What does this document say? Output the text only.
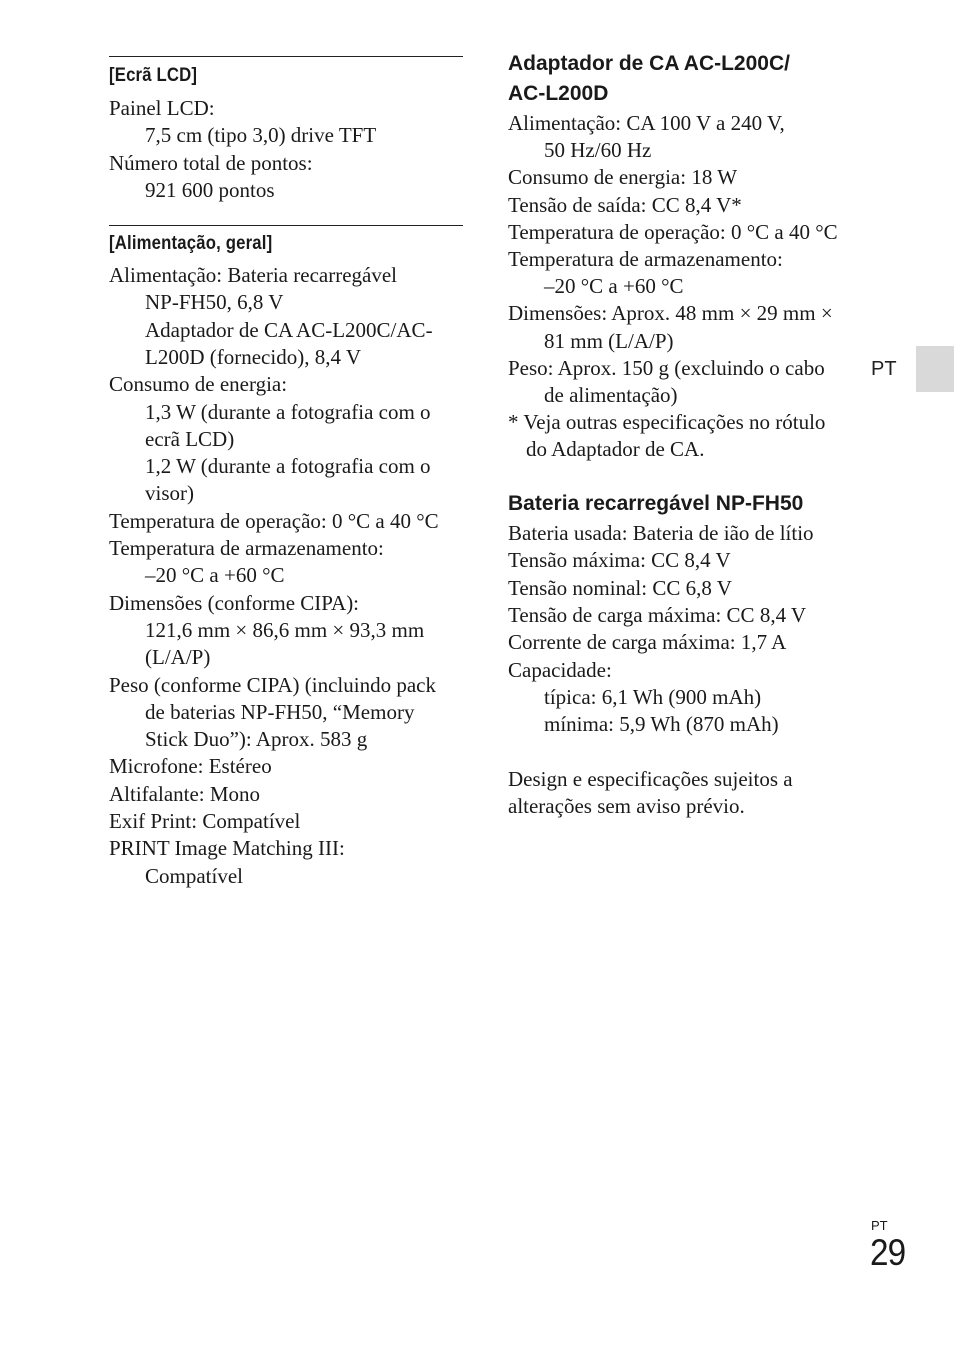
[Ecrã LCD]
Painel LCD:
7,5 cm (tipo 3,0) drive TFT
Número total de pontos:
921 600 pontos
[Alimentação, geral]
Alimentação: Bateria recarregável
NP-FH50, 6,8 V
Adaptador de CA AC-L200C/AC-
L200D (fornecido), 8,4 V
Consumo de energia:
1,3 W (durante a fotografia com o
ecrã LCD)
1,2 W (durante a fotografia com o
visor)
Temperatura de operação: 0 °C a 40 °C
Temperatura de armazenamento:
–20 °C a +60 °C
Dimensões (conforme CIPA):
121,6 mm × 86,6 mm × 93,3 mm
(L/A/P)
Peso (conforme CIPA) (incluindo pack
de baterias NP-FH50, “Memory
Stick Duo”): Aprox. 583 g
Microfone: Estéreo
Altifalante: Mono
Exif Print: Compatível
PRINT Image Matching III:
Compatível
Adaptador de CA AC-L200C/
AC-L200D
Alimentação: CA 100 V a 240 V,
50 Hz/60 Hz
Consumo de energia: 18 W
Tensão de saída: CC 8,4 V*
Temperatura de operação: 0 °C a 40 °C
Temperatura de armazenamento:
–20 °C a +60 °C
Dimensões: Aprox. 48 mm × 29 mm ×
81 mm (L/A/P)
Peso: Aprox. 150 g (excluindo o cabo
de alimentação)
* Veja outras especificações no rótulo
do Adaptador de CA.
Bateria recarregável NP-FH50
Bateria usada: Bateria de ião de lítio
Tensão máxima: CC 8,4 V
Tensão nominal: CC 6,8 V
Tensão de carga máxima: CC 8,4 V
Corrente de carga máxima: 1,7 A
Capacidade:
típica: 6,1 Wh (900 mAh)
mínima: 5,9 Wh (870 mAh)
Design e especificações sujeitos a
alterações sem aviso prévio.
PT
PT
29
